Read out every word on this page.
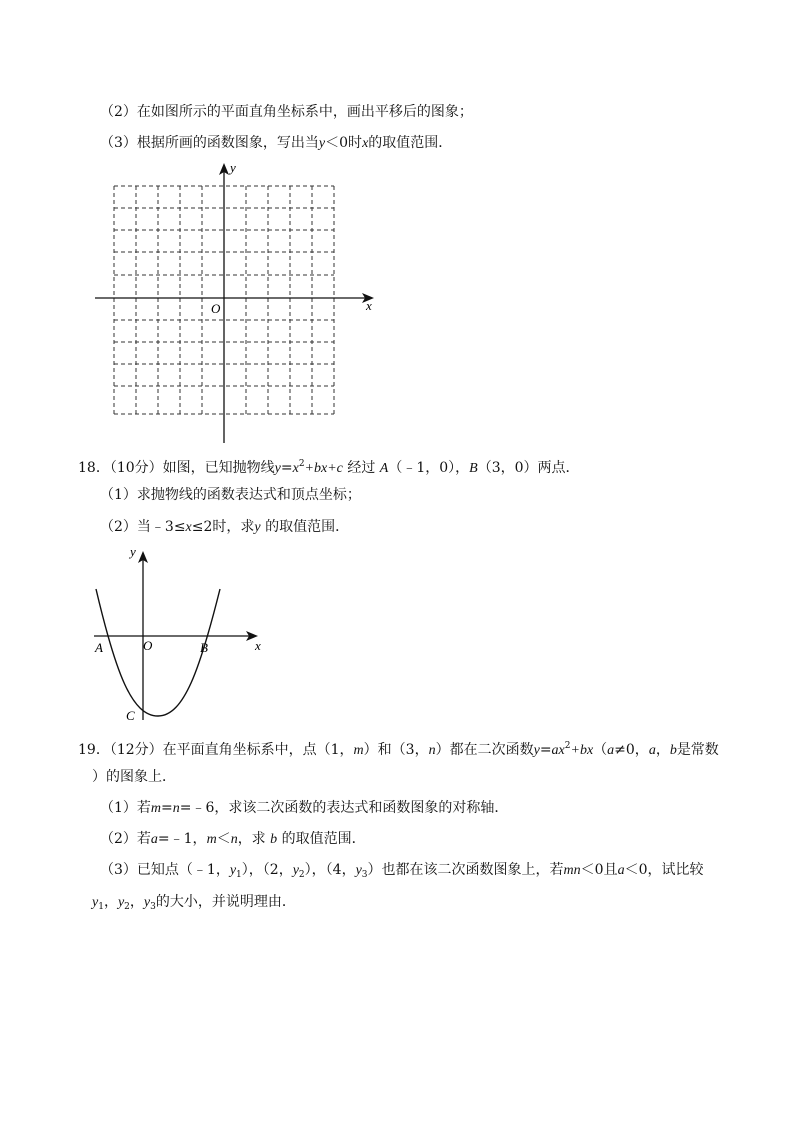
（2）在如图所示的平面直角坐标系中，画出平移后的图象；
（3）根据所画的函数图象，写出当y＜0时x的取值范围．
x
y
O
18．（10分）如图，已知抛物线$y=x^2+bx+c$ 经过 A（﹣1，0），B（3，0）两点．
（1）求抛物线的函数表达式和顶点坐标；
（2）当﹣3≤x≤2时，求y 的取值范围．
x
y
O
A	B
C
19．（12分）在平面直角坐标系中，点（1，m）和（3，n）都在二次函数$y=ax^2+bx(a\ne 0$，a，b是常数
）的图象上．
（1）若m=n=﹣6，求该二次函数的表达式和函数图象的对称轴．
（2）若a=﹣1，m＜n，求 b 的取值范围．
（3）已知点（﹣1，$y_1$），（2，$y_2$），（4，$y_3$）也都在该二次函数图象上，若mn＜0且a＜0，试比较
$y_1$，$y_2$，$y_3$的大小，并说明理由．
